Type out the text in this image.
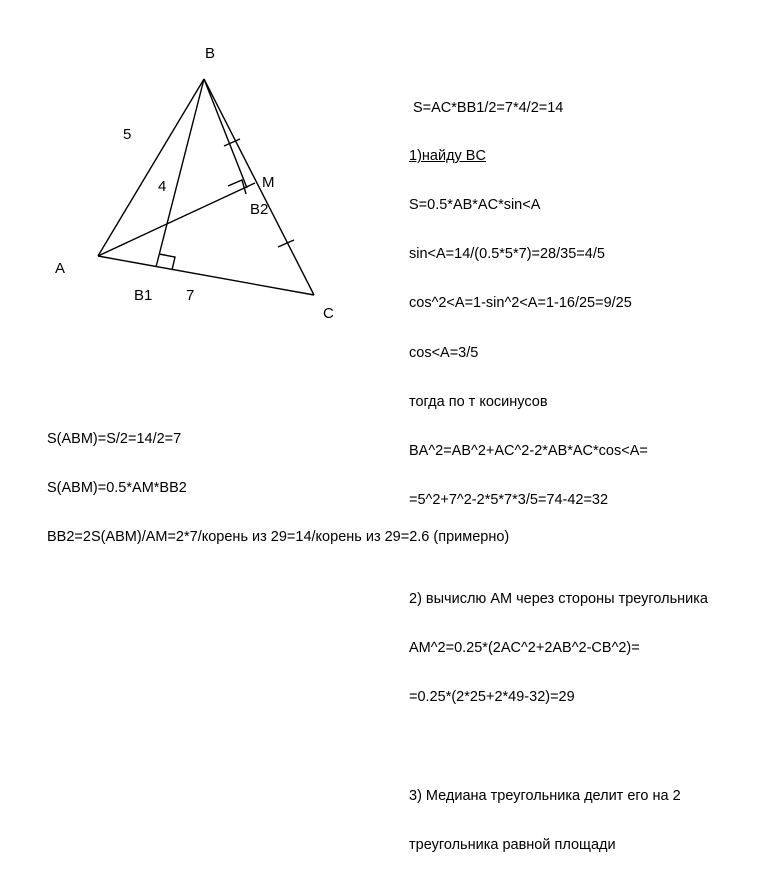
B
A
C
M
B1
B2
5
4
7

S=AC*BB1/2=7*4/2=14

1)найду BC

S=0.5*AB*AC*sin<A

sin<A=14/(0.5*5*7)=28/35=4/5

cos^2<A=1-sin^2<A=1-16/25=9/25

cos<A=3/5

тогда по т косинусов

BA^2=AB^2+AC^2-2*AB*AC*cos<A=

=5^2+7^2-2*5*7*3/5=74-42=32

2) вычислю AM через стороны треугольника

AM^2=0.25*(2AC^2+2AB^2-CB^2)=

=0.25*(2*25+2*49-32)=29

3) Медиана треугольника делит его на 2

треугольника равной площади

S(ABM)=S/2=14/2=7

S(ABM)=0.5*AM*BB2

BB2=2S(ABM)/AM=2*7/корень из 29=14/корень из 29=2.6 (примерно)
